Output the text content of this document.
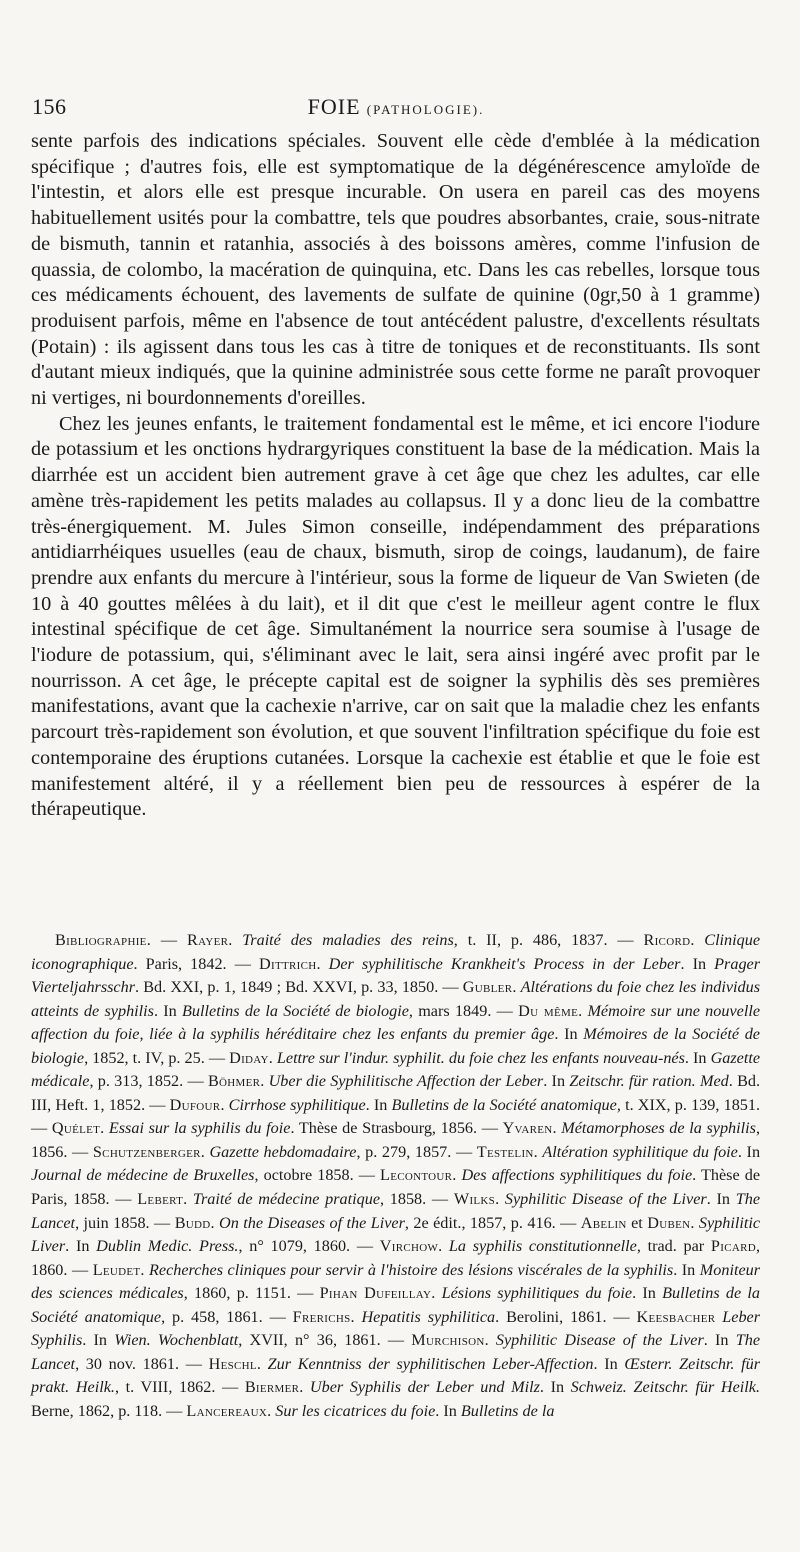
156	FOIE (PATHOLOGIE).

sente parfois des indications spéciales. Souvent elle cède d'emblée à la médication spécifique ; d'autres fois, elle est symptomatique de la dégénérescence amyloïde de l'intestin, et alors elle est presque incurable. On usera en pareil cas des moyens habituellement usités pour la combattre, tels que poudres absorbantes, craie, sous-nitrate de bismuth, tannin et ratanhia, associés à des boissons amères, comme l'infusion de quassia, de colombo, la macération de quinquina, etc. Dans les cas rebelles, lorsque tous ces médicaments échouent, des lavements de sulfate de quinine (0gr,50 à 1 gramme) produisent parfois, même en l'absence de tout antécédent palustre, d'excellents résultats (Potain) : ils agissent dans tous les cas à titre de toniques et de reconstituants. Ils sont d'autant mieux indiqués, que la quinine administrée sous cette forme ne paraît provoquer ni vertiges, ni bourdonnements d'oreilles.

Chez les jeunes enfants, le traitement fondamental est le même, et ici encore l'iodure de potassium et les onctions hydrargyriques constituent la base de la médication. Mais la diarrhée est un accident bien autrement grave à cet âge que chez les adultes, car elle amène très-rapidement les petits malades au collapsus. Il y a donc lieu de la combattre très-énergiquement. M. Jules Simon conseille, indépendamment des préparations antidiarrhéiques usuelles (eau de chaux, bismuth, sirop de coings, laudanum), de faire prendre aux enfants du mercure à l'intérieur, sous la forme de liqueur de Van Swieten (de 10 à 40 gouttes mêlées à du lait), et il dit que c'est le meilleur agent contre le flux intestinal spécifique de cet âge. Simultanément la nourrice sera soumise à l'usage de l'iodure de potassium, qui, s'éliminant avec le lait, sera ainsi ingéré avec profit par le nourrisson. A cet âge, le précepte capital est de soigner la syphilis dès ses premières manifestations, avant que la cachexie n'arrive, car on sait que la maladie chez les enfants parcourt très-rapidement son évolution, et que souvent l'infiltration spécifique du foie est contemporaine des éruptions cutanées. Lorsque la cachexie est établie et que le foie est manifestement altéré, il y a réellement bien peu de ressources à espérer de la thérapeutique.

Bibliographie. — Rayer. Traité des maladies des reins, t. II, p. 486, 1837. — Ricord. Clinique iconographique. Paris, 1842. — Dittrich. Der syphilitische Krankheit's Process in der Leber. In Prager Vierteljahrsschr. Bd. XXI, p. 1, 1849 ; Bd. XXVI, p. 33, 1850. — Gubler. Altérations du foie chez les individus atteints de syphilis. In Bulletins de la Société de biologie, mars 1849. — Du même. Mémoire sur une nouvelle affection du foie, liée à la syphilis héréditaire chez les enfants du premier âge. In Mémoires de la Société de biologie, 1852, t. IV, p. 25. — Diday. Lettre sur l'indur. syphilit. du foie chez les enfants nouveau-nés. In Gazette médicale, p. 313, 1852. — Böhmer. Uber die Syphilitische Affection der Leber. In Zeitschr. für ration. Med. Bd. III, Heft. 1, 1852. — Dufour. Cirrhose syphilitique. In Bulletins de la Société anatomique, t. XIX, p. 139, 1851. — Quélet. Essai sur la syphilis du foie. Thèse de Strasbourg, 1856. — Yvaren. Métamorphoses de la syphilis, 1856. — Schutzenberger. Gazette hebdomadaire, p. 279, 1857. — Testelin. Altération syphilitique du foie. In Journal de médecine de Bruxelles, octobre 1858. — Lecontour. Des affections syphilitiques du foie. Thèse de Paris, 1858. — Lebert. Traité de médecine pratique, 1858. — Wilks. Syphilitic Disease of the Liver. In The Lancet, juin 1858. — Budd. On the Diseases of the Liver, 2e édit., 1857, p. 416. — Abelin et Duben. Syphilitic Liver. In Dublin Medic. Press., n° 1079, 1860. — Virchow. La syphilis constitutionnelle, trad. par Picard, 1860. — Leudet. Recherches cliniques pour servir à l'histoire des lésions viscérales de la syphilis. In Moniteur des sciences médicales, 1860, p. 1151. — Pihan Dufeillay. Lésions syphilitiques du foie. In Bulletins de la Société anatomique, p. 458, 1861. — Frerichs. Hepatitis syphilitica. Berolini, 1861. — Keesbacher Leber Syphilis. In Wien. Wochenblatt, XVII, n° 36, 1861. — Murchison. Syphilitic Disease of the Liver. In The Lancet, 30 nov. 1861. — Heschl. Zur Kenntniss der syphilitischen Leber-Affection. In Œsterr. Zeitschr. für prakt. Heilk., t. VIII, 1862. — Biermer. Uber Syphilis der Leber und Milz. In Schweiz. Zeitschr. für Heilk. Berne, 1862, p. 118. — Lancereaux. Sur les cicatrices du foie. In Bulletins de la
